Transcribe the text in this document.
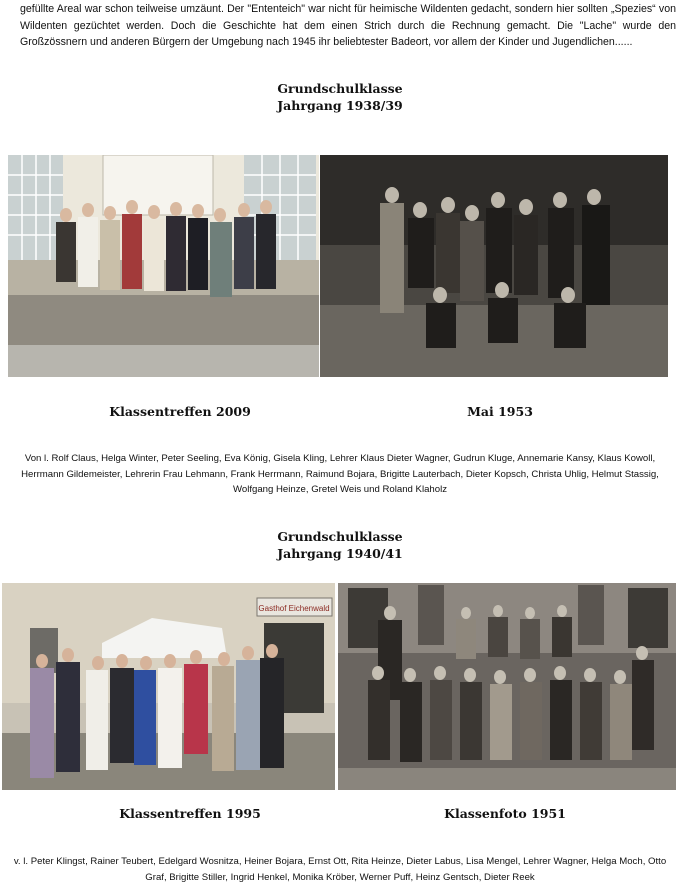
gefüllte Areal war schon teilweise umzäunt. Der "Ententeich" war nicht für heimische Wildenten gedacht, sondern hier sollten „Spezies“ von Wildenten gezüchtet werden. Doch die Geschichte hat dem einen Strich durch die Rechnung gemacht. Die "Lache" wurde den Großzössnern und anderen Bürgern der Umgebung nach 1945 ihr beliebtester Badeort, vor allem der Kinder und Jugendlichen......

Grundschulklasse
Jahrgang 1938/39

Klassentreffen 2009	Mai 1953

Von l. Rolf Claus, Helga Winter, Peter Seeling, Eva König, Gisela Kling, Lehrer Klaus Dieter Wagner, Gudrun Kluge, Annemarie Kansy, Klaus Kowoll, Herrmann Gildemeister, Lehrerin Frau Lehmann, Frank Herrmann, Raimund Bojara, Brigitte Lauterbach, Dieter Kopsch, Christa Uhlig, Helmut Stassig, Wolfgang Heinze, Gretel Weis und Roland Klaholz

Grundschulklasse
Jahrgang 1940/41
Gasthof Eichenwald

Klassentreffen 1995	Klassenfoto 1951

v. l. Peter Klingst, Rainer Teubert, Edelgard Wosnitza, Heiner Bojara, Ernst Ott, Rita Heinze, Dieter Labus, Lisa Mengel, Lehrer Wagner, Helga Moch, Otto Graf, Brigitte Stiller, Ingrid Henkel, Monika Kröber, Werner Puff, Heinz Gentsch, Dieter Reek
